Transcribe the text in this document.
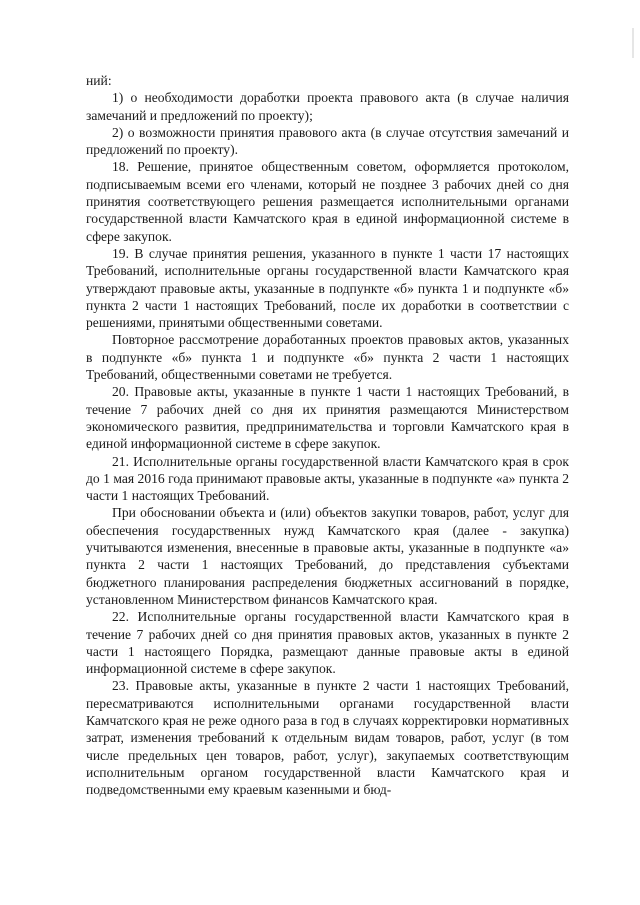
ний:

1) о необходимости доработки проекта правового акта (в случае наличия замечаний и предложений по проекту);

2) о возможности принятия правового акта (в случае отсутствия замечаний и предложений по проекту).

18. Решение, принятое общественным советом, оформляется протоколом, подписываемым всеми его членами, который не позднее 3 рабочих дней со дня принятия соответствующего решения размещается исполнительными органами государственной власти Камчатского края в единой информационной системе в сфере закупок.

19. В случае принятия решения, указанного в пункте 1 части 17 настоящих Требований, исполнительные органы государственной власти Камчатского края утверждают правовые акты, указанные в подпункте «б» пункта 1 и подпункте «б» пункта 2 части 1 настоящих Требований, после их доработки в соответствии с решениями, принятыми общественными советами.

Повторное рассмотрение доработанных проектов правовых актов, указанных в подпункте «б» пункта 1 и подпункте «б» пункта 2 части 1 настоящих Требований, общественными советами не требуется.

20. Правовые акты, указанные в пункте 1 части 1 настоящих Требований, в течение 7 рабочих дней со дня их принятия размещаются Министерством экономического развития, предпринимательства и торговли Камчатского края в единой информационной системе в сфере закупок.

21. Исполнительные органы государственной власти Камчатского края в срок до 1 мая 2016 года принимают правовые акты, указанные в подпункте «а» пункта 2 части 1 настоящих Требований.

При обосновании объекта и (или) объектов закупки товаров, работ, услуг для обеспечения государственных нужд Камчатского края (далее - закупка) учитываются изменения, внесенные в правовые акты, указанные в подпункте «а» пункта 2 части 1 настоящих Требований, до представления субъектами бюджетного планирования распределения бюджетных ассигнований в порядке, установленном Министерством финансов Камчатского края.

22. Исполнительные органы государственной власти Камчатского края в течение 7 рабочих дней со дня принятия правовых актов, указанных в пункте 2 части 1 настоящего Порядка, размещают данные правовые акты в единой информационной системе в сфере закупок.

23. Правовые акты, указанные в пункте 2 части 1 настоящих Требований, пересматриваются исполнительными органами государственной власти Камчатского края не реже одного раза в год в случаях корректировки нормативных затрат, изменения требований к отдельным видам товаров, работ, услуг (в том числе предельных цен товаров, работ, услуг), закупаемых соответствующим исполнительным органом государственной власти Камчатского края и подведомственными ему краевым казенными и бюд-
